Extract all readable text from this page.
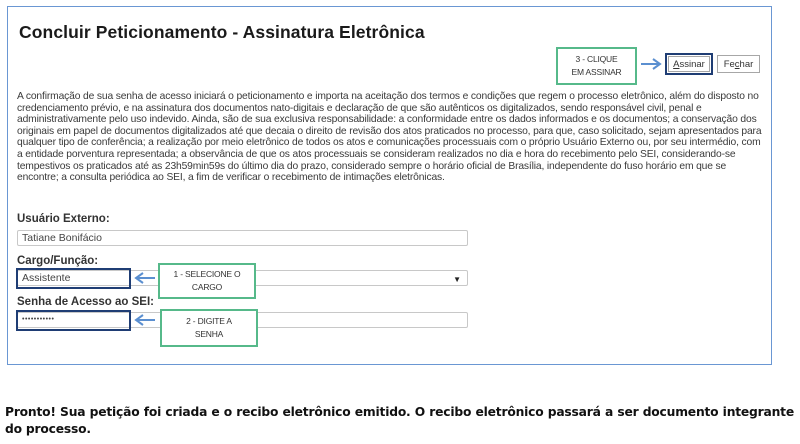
Concluir Peticionamento - Assinatura Eletrônica
3 - CLIQUE
EM ASSINAR
A ssinar Fe c har
A confirmação de sua senha de acesso iniciará o peticionamento e importa na aceitação dos termos e condições que regem o processo eletrônico, além do disposto no credenciamento prévio, e na assinatura dos documentos nato-digitais e declaração de que são autênticos os digitalizados, sendo responsável civil, penal e administrativamente pelo uso indevido. Ainda, são de sua exclusiva responsabilidade: a conformidade entre os dados informados e os documentos; a conservação dos originais em papel de documentos digitalizados até que decaia o direito de revisão dos atos praticados no processo, para que, caso solicitado, sejam apresentados para qualquer tipo de conferência; a realização por meio eletrônico de todos os atos e comunicações processuais com o próprio Usuário Externo ou, por seu intermédio, com a entidade porventura representada; a observância de que os atos processuais se consideram realizados no dia e hora do recebimento pelo SEI, considerando-se tempestivos os praticados até as 23h59min59s do último dia do prazo, considerado sempre o horário oficial de Brasília, independente do fuso horário em que se encontre; a consulta periódica ao SEI, a fim de verificar o recebimento de intimações eletrônicas.
Usuário Externo:
Tatiane Bonifácio
Cargo/Função:
Assistente	▼
1 - SELECIONE O
CARGO
Senha de Acesso ao SEI:
•••••••••••	2 - DIGITE A
SENHA
Pronto! Sua petição foi criada e o recibo eletrônico emitido. O recibo eletrônico passará a ser documento integrante do processo.
